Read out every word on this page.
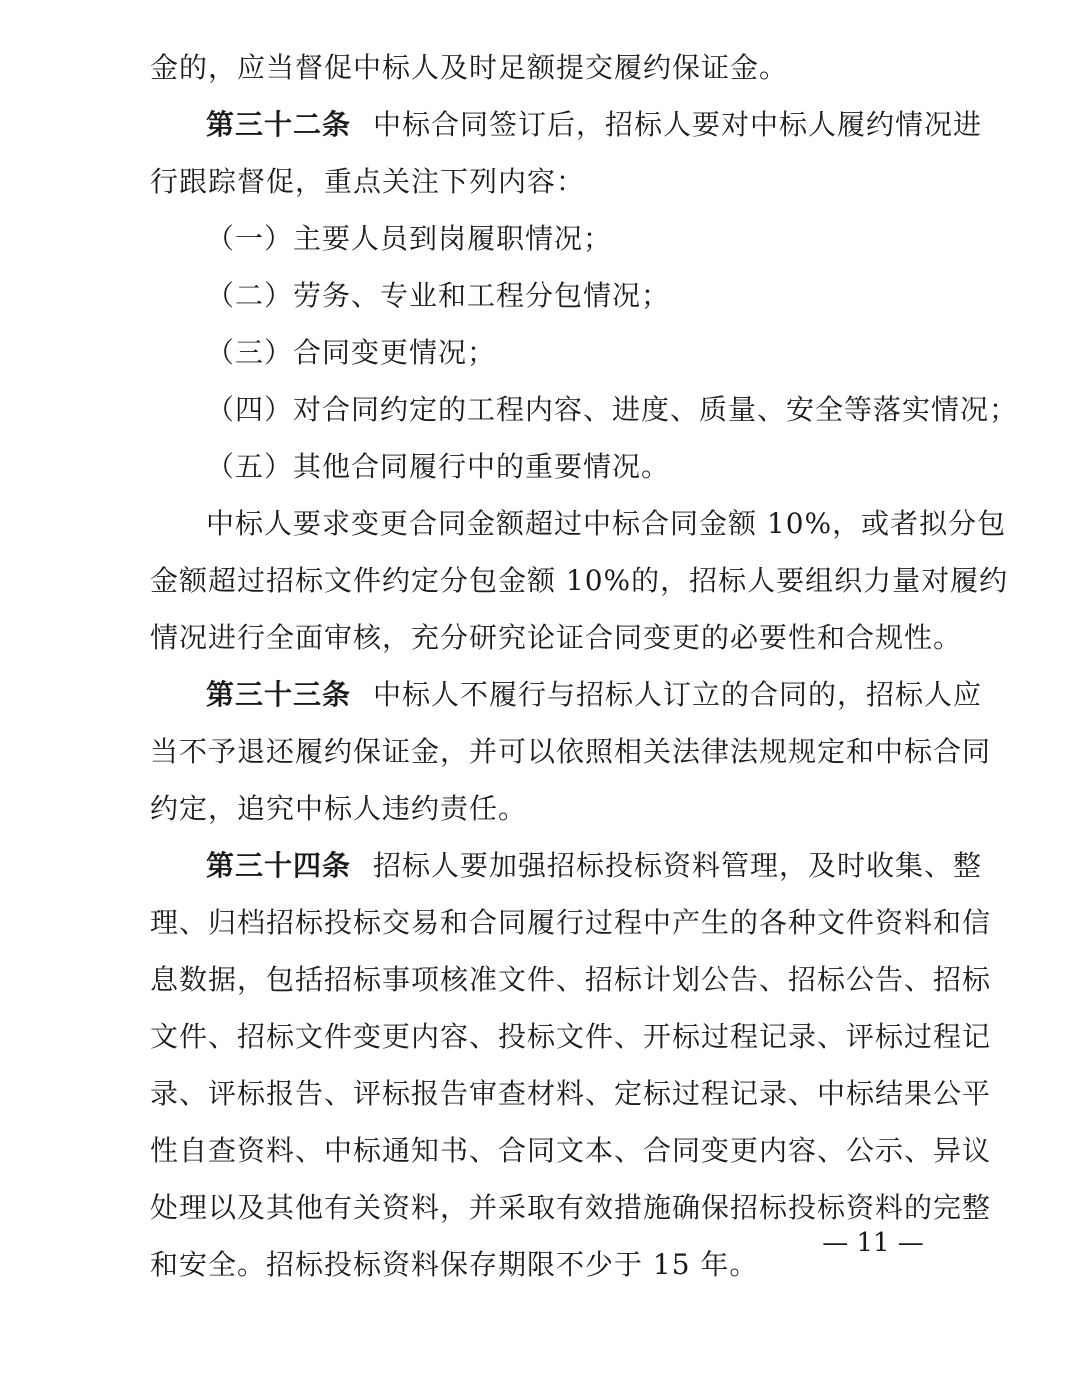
金的，应当督促中标人及时足额提交履约保证金。
第三十二条 中标合同签订后，招标人要对中标人履约情况进
行跟踪督促，重点关注下列内容：
（一）主要人员到岗履职情况；
（二）劳务、专业和工程分包情况；
（三）合同变更情况；
（四）对合同约定的工程内容、进度、质量、安全等落实情况；
（五）其他合同履行中的重要情况。
中标人要求变更合同金额超过中标合同金额 10%，或者拟分包
金额超过招标文件约定分包金额 10%的，招标人要组织力量对履约
情况进行全面审核，充分研究论证合同变更的必要性和合规性。
第三十三条 中标人不履行与招标人订立的合同的，招标人应
当不予退还履约保证金，并可以依照相关法律法规规定和中标合同
约定，追究中标人违约责任。
第三十四条 招标人要加强招标投标资料管理，及时收集、整
理、归档招标投标交易和合同履行过程中产生的各种文件资料和信
息数据，包括招标事项核准文件、招标计划公告、招标公告、招标
文件、招标文件变更内容、投标文件、开标过程记录、评标过程记
录、评标报告、评标报告审查材料、定标过程记录、中标结果公平
性自查资料、中标通知书、合同文本、合同变更内容、公示、异议
处理以及其他有关资料，并采取有效措施确保招标投标资料的完整
和安全。招标投标资料保存期限不少于 15 年。
— 11 —
